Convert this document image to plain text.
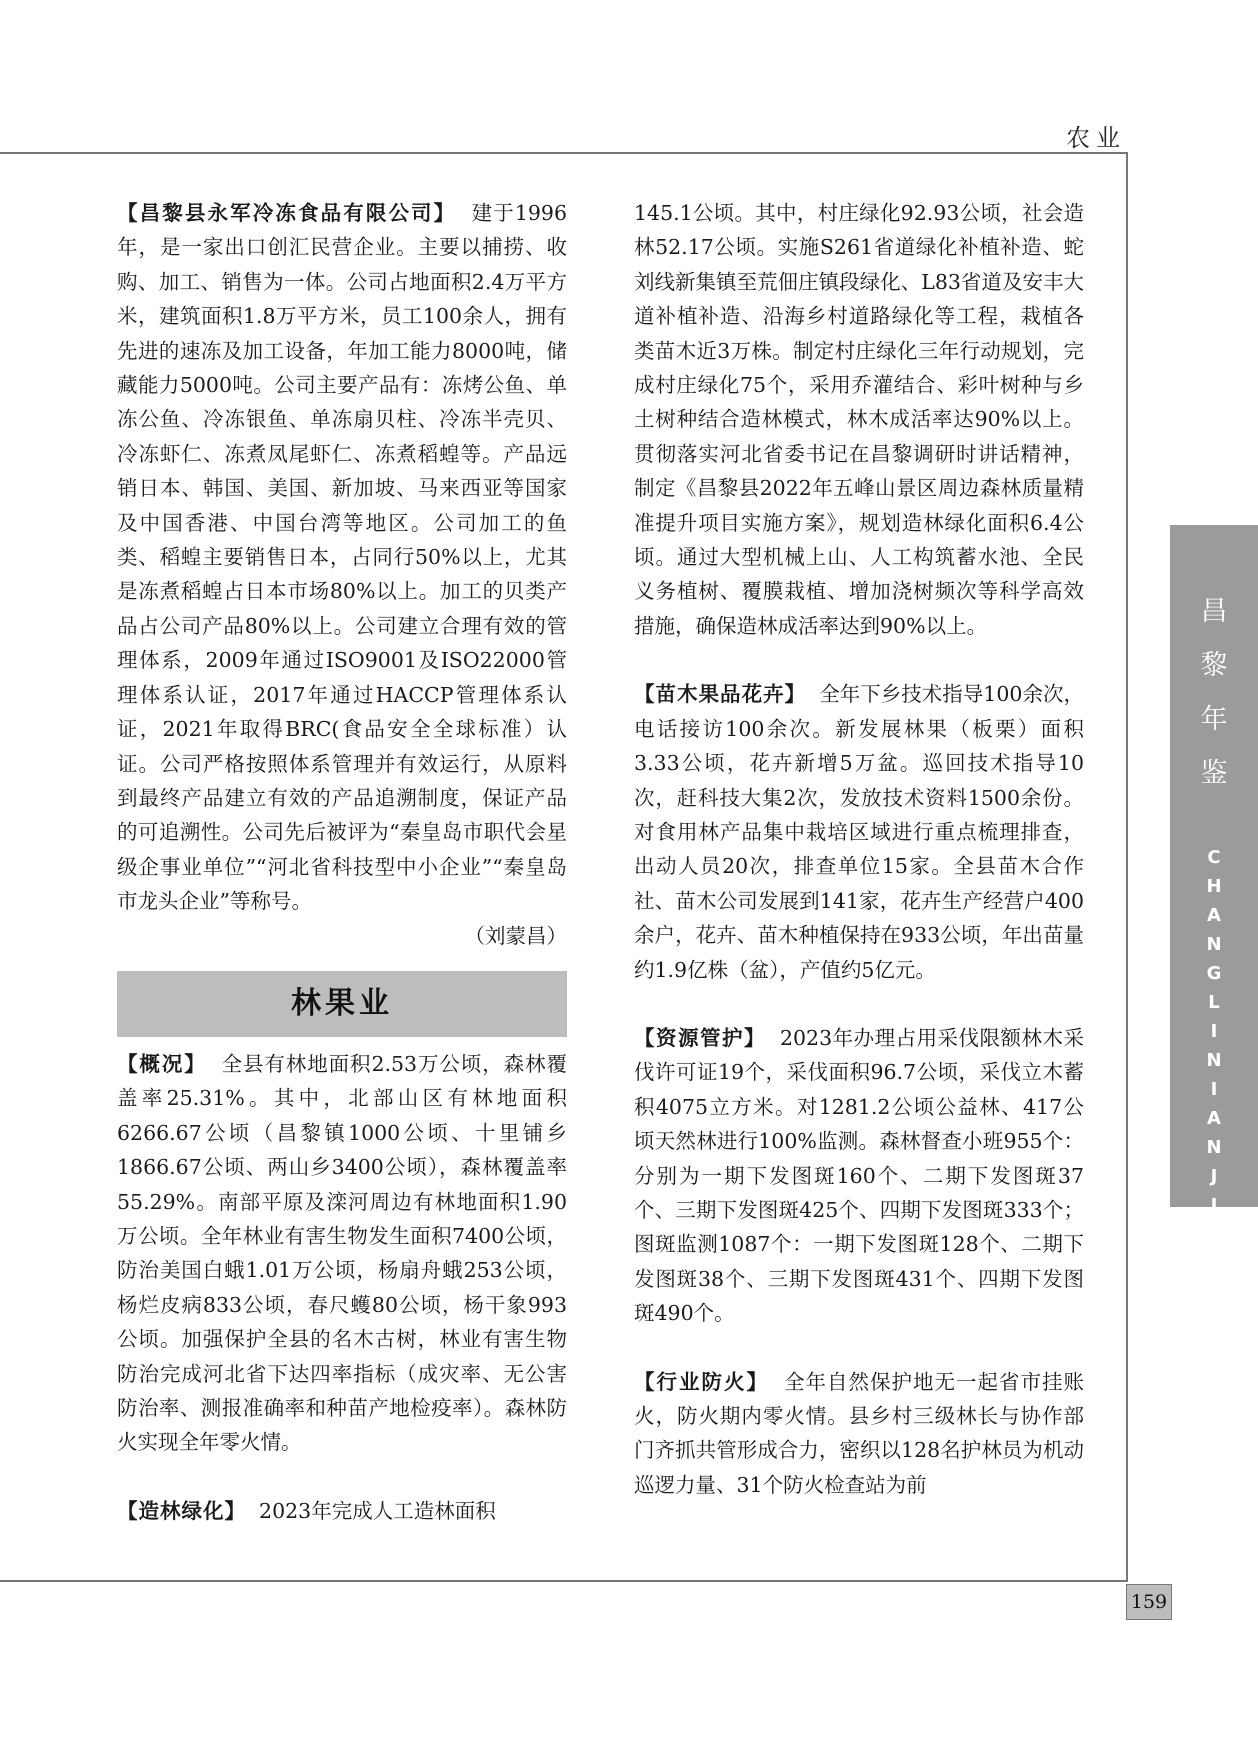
农业
昌
黎
年
鉴
C
H
A
N
G
L
I
N
I
A
N
J
I
A
N
159

【昌黎县永军冷冻食品有限公司】 建于1996年，是一家出口创汇民营企业。主要以捕捞、收购、加工、销售为一体。公司占地面积2.4万平方米，建筑面积1.8万平方米，员工100余人，拥有先进的速冻及加工设备，年加工能力8000吨，储藏能力5000吨。公司主要产品有：冻烤公鱼、单冻公鱼、冷冻银鱼、单冻扇贝柱、冷冻半壳贝、冷冻虾仁、冻煮凤尾虾仁、冻煮稻蝗等。产品远销日本、韩国、美国、新加坡、马来西亚等国家及中国香港、中国台湾等地区。公司加工的鱼类、稻蝗主要销售日本，占同行50%以上，尤其是冻煮稻蝗占日本市场80%以上。加工的贝类产品占公司产品80%以上。公司建立合理有效的管理体系，2009年通过ISO9001及ISO22000管理体系认证，2017年通过HACCP管理体系认证，2021年取得BRC(食品安全全球标准）认证。公司严格按照体系管理并有效运行，从原料到最终产品建立有效的产品追溯制度，保证产品的可追溯性。公司先后被评为“秦皇岛市职代会星级企事业单位”“河北省科技型中小企业”“秦皇岛市龙头企业”等称号。

（刘蒙昌）

林果业

【概况】 全县有林地面积2.53万公顷，森林覆盖率25.31%。其中，北部山区有林地面积6266.67公顷（昌黎镇1000公顷、十里铺乡1866.67公顷、两山乡3400公顷），森林覆盖率55.29%。南部平原及滦河周边有林地面积1.90万公顷。全年林业有害生物发生面积7400公顷，防治美国白蛾1.01万公顷，杨扇舟蛾253公顷，杨烂皮病833公顷，春尺蠖80公顷，杨干象993公顷。加强保护全县的名木古树，林业有害生物防治完成河北省下达四率指标（成灾率、无公害防治率、测报准确率和种苗产地检疫率）。森林防火实现全年零火情。

【造林绿化】 2023年完成人工造林面积

145.1公顷。其中，村庄绿化92.93公顷，社会造林52.17公顷。实施S261省道绿化补植补造、蛇刘线新集镇至荒佃庄镇段绿化、L83省道及安丰大道补植补造、沿海乡村道路绿化等工程，栽植各类苗木近3万株。制定村庄绿化三年行动规划，完成村庄绿化75个，采用乔灌结合、彩叶树种与乡土树种结合造林模式，林木成活率达90%以上。贯彻落实河北省委书记在昌黎调研时讲话精神，制定《昌黎县2022年五峰山景区周边森林质量精准提升项目实施方案》，规划造林绿化面积6.4公顷。通过大型机械上山、人工构筑蓄水池、全民义务植树、覆膜栽植、增加浇树频次等科学高效措施，确保造林成活率达到90%以上。

【苗木果品花卉】 全年下乡技术指导100余次，电话接访100余次。新发展林果（板栗）面积3.33公顷，花卉新增5万盆。巡回技术指导10次，赶科技大集2次，发放技术资料1500余份。对食用林产品集中栽培区域进行重点梳理排查，出动人员20次，排查单位15家。全县苗木合作社、苗木公司发展到141家，花卉生产经营户400余户，花卉、苗木种植保持在933公顷，年出苗量约1.9亿株（盆），产值约5亿元。

【资源管护】 2023年办理占用采伐限额林木采伐许可证19个，采伐面积96.7公顷，采伐立木蓄积4075立方米。对1281.2公顷公益林、417公顷天然林进行100%监测。森林督查小班955个：分别为一期下发图斑160个、二期下发图斑37个、三期下发图斑425个、四期下发图斑333个；图斑监测1087个：一期下发图斑128个、二期下发图斑38个、三期下发图斑431个、四期下发图斑490个。

【行业防火】 全年自然保护地无一起省市挂账火，防火期内零火情。县乡村三级林长与协作部门齐抓共管形成合力，密织以128名护林员为机动巡逻力量、31个防火检查站为前
